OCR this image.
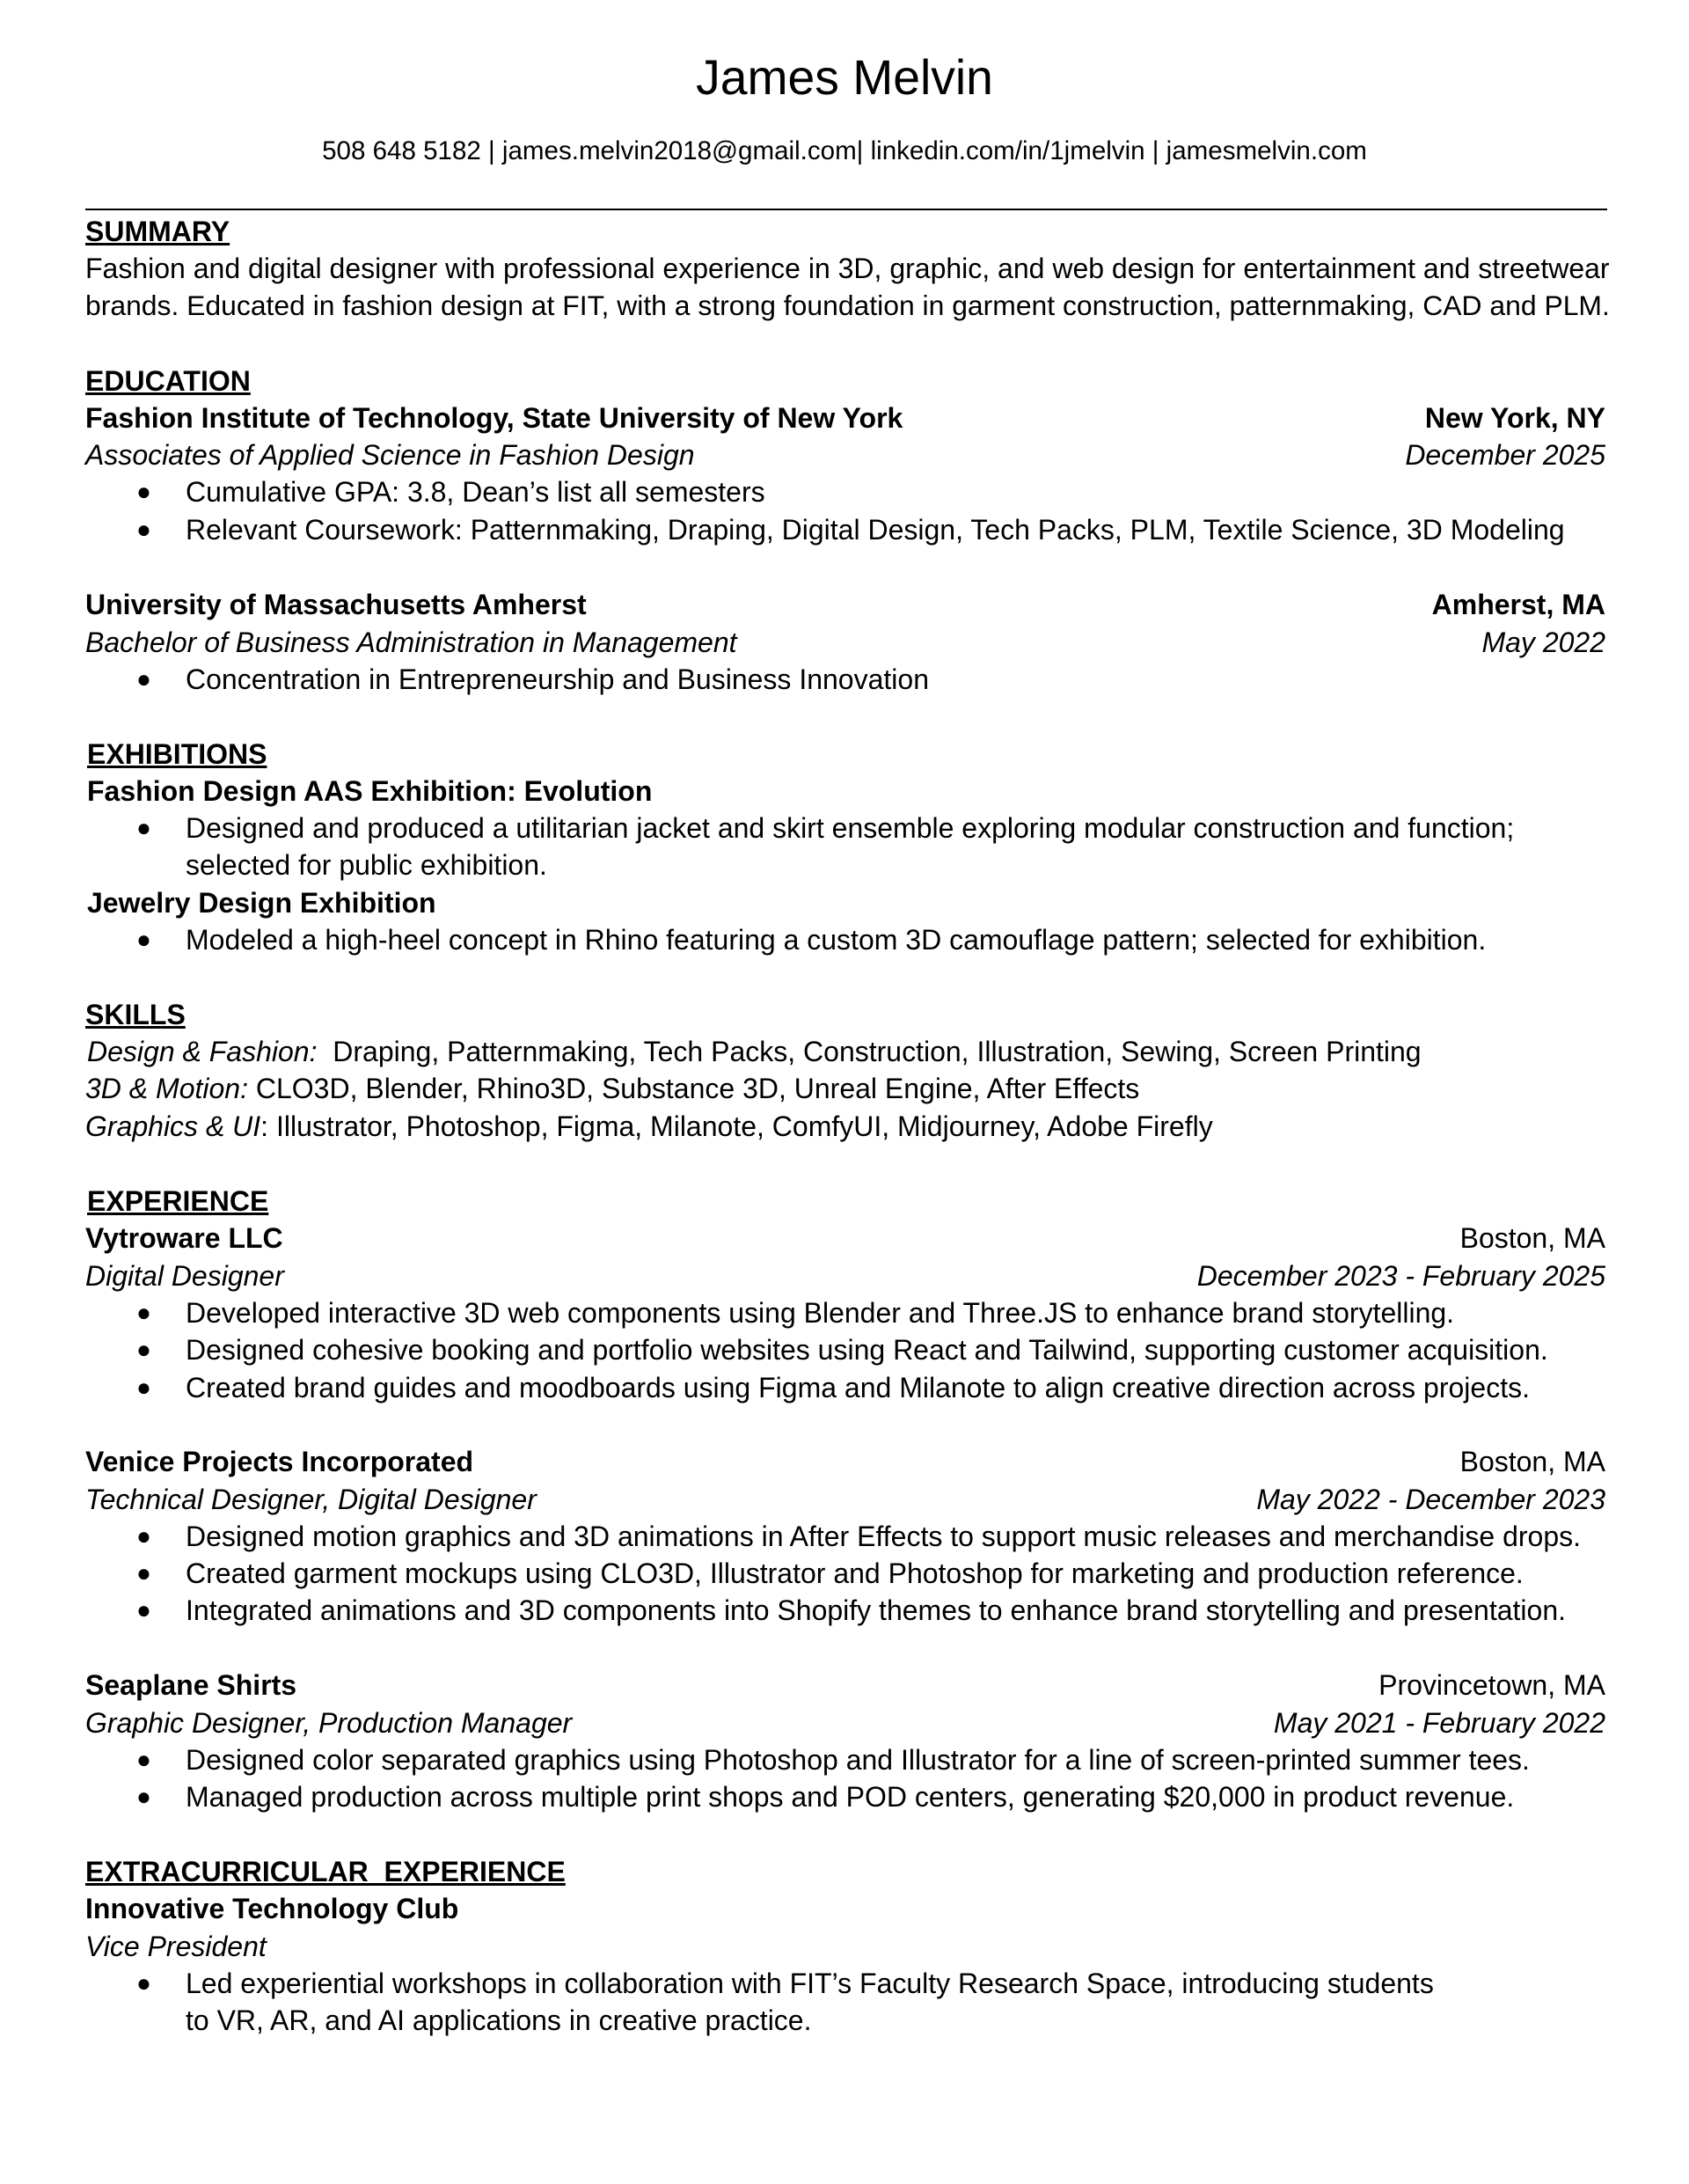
James Melvin
508 648 5182 | james.melvin2018@gmail.com| linkedin.com/in/1jmelvin | jamesmelvin.com
SUMMARY
Fashion and digital designer with professional experience in 3D, graphic, and web design for entertainment and streetwear
brands. Educated in fashion design at FIT, with a strong foundation in garment construction, patternmaking, CAD and PLM.
EDUCATION
Fashion Institute of Technology, State University of New York	New York, NY
Associates of Applied Science in Fashion Design	December 2025
● Cumulative GPA: 3.8, Dean’s list all semesters
● Relevant Coursework: Patternmaking, Draping, Digital Design, Tech Packs, PLM, Textile Science, 3D Modeling
University of Massachusetts Amherst	Amherst, MA
Bachelor of Business Administration in Management	May 2022
● Concentration in Entrepreneurship and Business Innovation
EXHIBITIONS
Fashion Design AAS Exhibition: Evolution
● Designed and produced a utilitarian jacket and skirt ensemble exploring modular construction and function;
selected for public exhibition.
Jewelry Design Exhibition
● Modeled a high-heel concept in Rhino featuring a custom 3D camouflage pattern; selected for exhibition.
SKILLS
Design & Fashion: Draping, Patternmaking, Tech Packs, Construction, Illustration, Sewing, Screen Printing
3D & Motion: CLO3D, Blender, Rhino3D, Substance 3D, Unreal Engine, After Effects
Graphics & UI: Illustrator, Photoshop, Figma, Milanote, ComfyUI, Midjourney, Adobe Firefly
EXPERIENCE
Vytroware LLC	Boston, MA
Digital Designer	December 2023 - February 2025
● Developed interactive 3D web components using Blender and Three.JS to enhance brand storytelling.
● Designed cohesive booking and portfolio websites using React and Tailwind, supporting customer acquisition.
● Created brand guides and moodboards using Figma and Milanote to align creative direction across projects.
Venice Projects Incorporated	Boston, MA
Technical Designer, Digital Designer	May 2022 - December 2023
● Designed motion graphics and 3D animations in After Effects to support music releases and merchandise drops.
● Created garment mockups using CLO3D, Illustrator and Photoshop for marketing and production reference.
● Integrated animations and 3D components into Shopify themes to enhance brand storytelling and presentation.
Seaplane Shirts	Provincetown, MA
Graphic Designer, Production Manager	May 2021 - February 2022
● Designed color separated graphics using Photoshop and Illustrator for a line of screen-printed summer tees.
● Managed production across multiple print shops and POD centers, generating $20,000 in product revenue.
EXTRACURRICULAR  EXPERIENCE
Innovative Technology Club
Vice President
● Led experiential workshops in collaboration with FIT’s Faculty Research Space, introducing students
to VR, AR, and AI applications in creative practice.
